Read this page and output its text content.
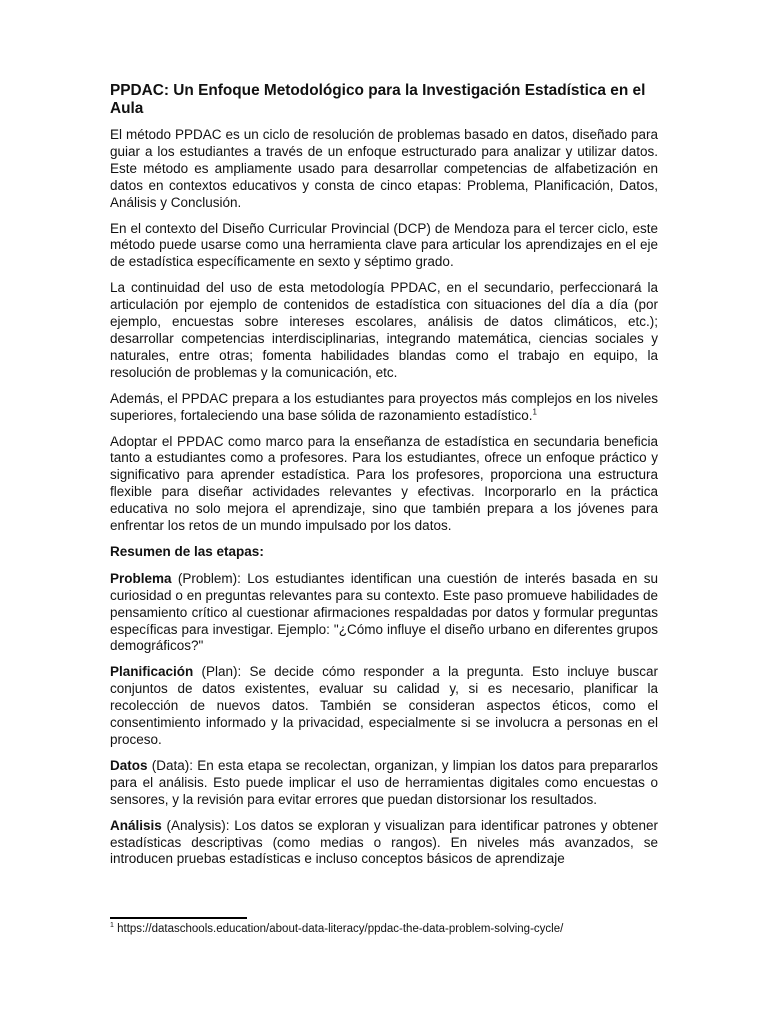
PPDAC: Un Enfoque Metodológico para la Investigación Estadística en el Aula

El método PPDAC es un ciclo de resolución de problemas basado en datos, diseñado para guiar a los estudiantes a través de un enfoque estructurado para analizar y utilizar datos. Este método es ampliamente usado para desarrollar competencias de alfabetización en datos en contextos educativos y consta de cinco etapas: Problema, Planificación, Datos, Análisis y Conclusión.

En el contexto del Diseño Curricular Provincial (DCP) de Mendoza para el tercer ciclo, este método puede usarse como una herramienta clave para articular los aprendizajes en el eje de estadística específicamente en sexto y séptimo grado.

La continuidad del uso de esta metodología PPDAC, en el secundario, perfeccionará la articulación por ejemplo de contenidos de estadística con situaciones del día a día (por ejemplo, encuestas sobre intereses escolares, análisis de datos climáticos, etc.); desarrollar competencias interdisciplinarias, integrando matemática, ciencias sociales y naturales, entre otras; fomenta habilidades blandas como el trabajo en equipo, la resolución de problemas y la comunicación, etc.

Además, el PPDAC prepara a los estudiantes para proyectos más complejos en los niveles superiores, fortaleciendo una base sólida de razonamiento estadístico.$^1$

Adoptar el PPDAC como marco para la enseñanza de estadística en secundaria beneficia tanto a estudiantes como a profesores. Para los estudiantes, ofrece un enfoque práctico y significativo para aprender estadística. Para los profesores, proporciona una estructura flexible para diseñar actividades relevantes y efectivas. Incorporarlo en la práctica educativa no solo mejora el aprendizaje, sino que también prepara a los jóvenes para enfrentar los retos de un mundo impulsado por los datos.

Resumen de las etapas:

Problema (Problem): Los estudiantes identifican una cuestión de interés basada en su curiosidad o en preguntas relevantes para su contexto. Este paso promueve habilidades de pensamiento crítico al cuestionar afirmaciones respaldadas por datos y formular preguntas específicas para investigar. Ejemplo: "¿Cómo influye el diseño urbano en diferentes grupos demográficos?"

Planificación (Plan): Se decide cómo responder a la pregunta. Esto incluye buscar conjuntos de datos existentes, evaluar su calidad y, si es necesario, planificar la recolección de nuevos datos. También se consideran aspectos éticos, como el consentimiento informado y la privacidad, especialmente si se involucra a personas en el proceso.

Datos (Data): En esta etapa se recolectan, organizan, y limpian los datos para prepararlos para el análisis. Esto puede implicar el uso de herramientas digitales como encuestas o sensores, y la revisión para evitar errores que puedan distorsionar los resultados.

Análisis (Analysis): Los datos se exploran y visualizan para identificar patrones y obtener estadísticas descriptivas (como medias o rangos). En niveles más avanzados, se introducen pruebas estadísticas e incluso conceptos básicos de aprendizaje

$^1$ https://dataschools.education/about-data-literacy/ppdac-the-data-problem-solving-cycle/
